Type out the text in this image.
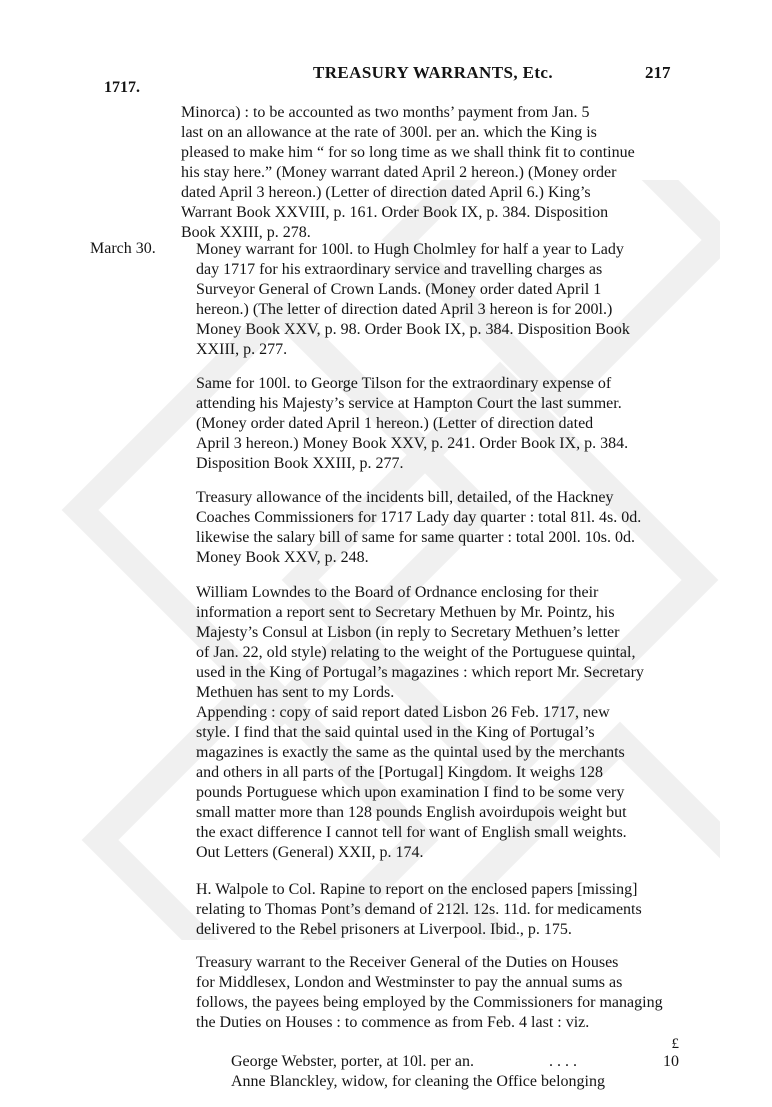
1717.
TREASURY WARRANTS, Etc.	217
Minorca) : to be accounted as two months’ payment from Jan. 5
last on an allowance at the rate of 300l. per an. which the King is
pleased to make him “ for so long time as we shall think fit to continue
his stay here.” (Money warrant dated April 2 hereon.) (Money order
dated April 3 hereon.) (Letter of direction dated April 6.) King’s
Warrant Book XXVIII, p. 161. Order Book IX, p. 384. Disposition
Book XXIII, p. 278.
March 30.	Money warrant for 100l. to Hugh Cholmley for half a year to Lady
day 1717 for his extraordinary service and travelling charges as
Surveyor General of Crown Lands. (Money order dated April 1
hereon.) (The letter of direction dated April 3 hereon is for 200l.)
Money Book XXV, p. 98. Order Book IX, p. 384. Disposition Book
XXIII, p. 277.
Same for 100l. to George Tilson for the extraordinary expense of
attending his Majesty’s service at Hampton Court the last summer.
(Money order dated April 1 hereon.) (Letter of direction dated
April 3 hereon.) Money Book XXV, p. 241. Order Book IX, p. 384.
Disposition Book XXIII, p. 277.
Treasury allowance of the incidents bill, detailed, of the Hackney
Coaches Commissioners for 1717 Lady day quarter : total 81l. 4s. 0d.
likewise the salary bill of same for same quarter : total 200l. 10s. 0d.
Money Book XXV, p. 248.
William Lowndes to the Board of Ordnance enclosing for their
information a report sent to Secretary Methuen by Mr. Pointz, his
Majesty’s Consul at Lisbon (in reply to Secretary Methuen’s letter
of Jan. 22, old style) relating to the weight of the Portuguese quintal,
used in the King of Portugal’s magazines : which report Mr. Secretary
Methuen has sent to my Lords.
Appending : copy of said report dated Lisbon 26 Feb. 1717, new
style. I find that the said quintal used in the King of Portugal’s
magazines is exactly the same as the quintal used by the merchants
and others in all parts of the [Portugal] Kingdom. It weighs 128
pounds Portuguese which upon examination I find to be some very
small matter more than 128 pounds English avoirdupois weight but
the exact difference I cannot tell for want of English small weights.
Out Letters (General) XXII, p. 174.
H. Walpole to Col. Rapine to report on the enclosed papers [missing]
relating to Thomas Pont’s demand of 212l. 12s. 11d. for medicaments
delivered to the Rebel prisoners at Liverpool. Ibid., p. 175.
Treasury warrant to the Receiver General of the Duties on Houses
for Middlesex, London and Westminster to pay the annual sums as
follows, the payees being employed by the Commissioners for managing
the Duties on Houses : to commence as from Feb. 4 last : viz.
£
George Webster, porter, at 10l. per an.	. . . .	10
Anne Blanckley, widow, for cleaning the Office belonging
